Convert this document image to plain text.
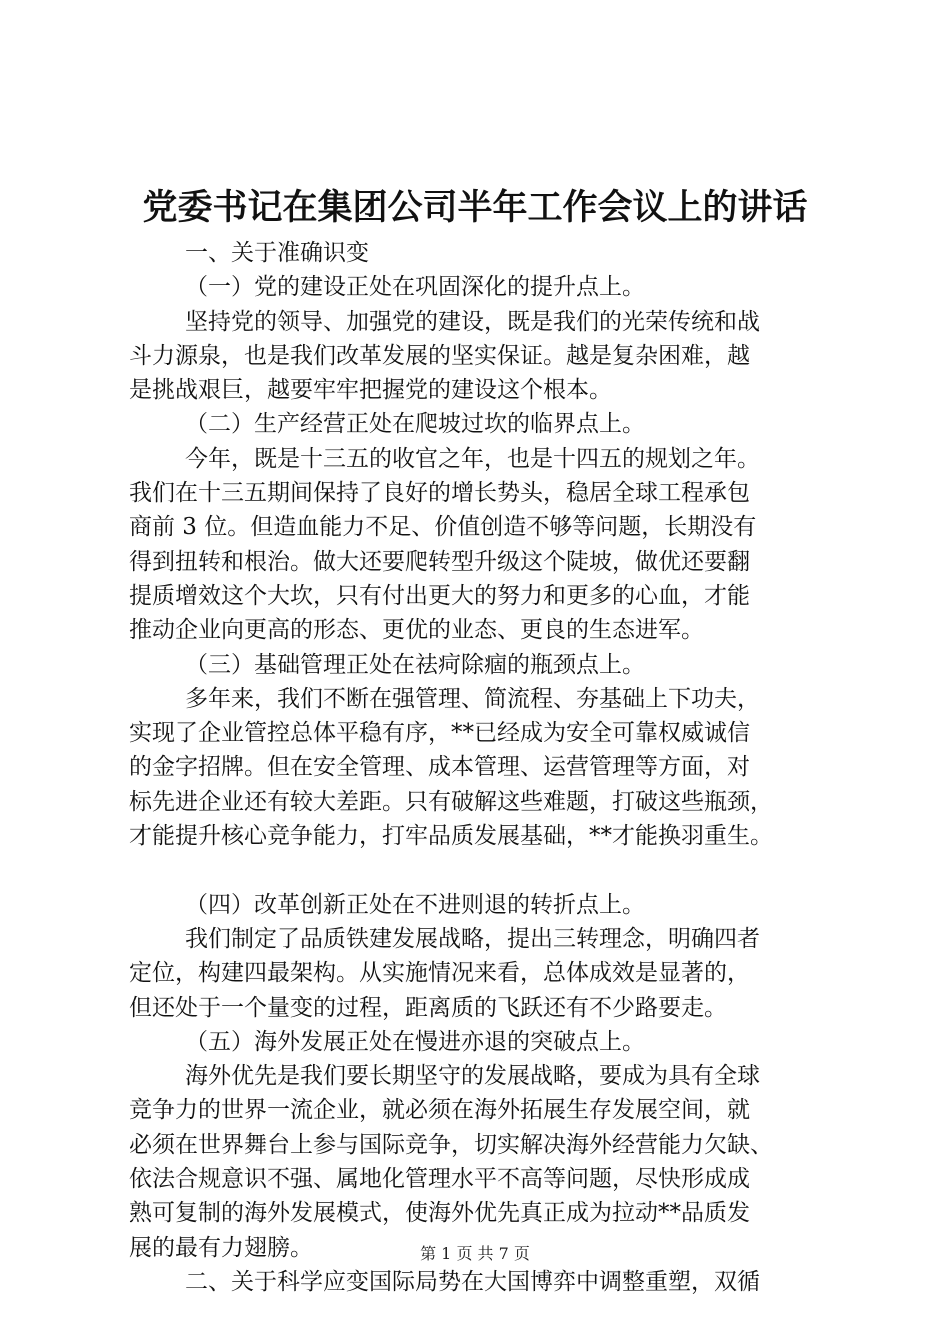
党委书记在集团公司半年工作会议上的讲话
一、关于准确识变
（一）党的建设正处在巩固深化的提升点上。
坚持党的领导、加强党的建设，既是我们的光荣传统和战
斗力源泉，也是我们改革发展的坚实保证。越是复杂困难，越
是挑战艰巨，越要牢牢把握党的建设这个根本。
（二）生产经营正处在爬坡过坎的临界点上。
今年，既是十三五的收官之年，也是十四五的规划之年。
我们在十三五期间保持了良好的增长势头，稳居全球工程承包
商前 3 位。但造血能力不足、价值创造不够等问题，长期没有
得到扭转和根治。做大还要爬转型升级这个陡坡，做优还要翻
提质增效这个大坎，只有付出更大的努力和更多的心血，才能
推动企业向更高的形态、更优的业态、更良的生态进军。
（三）基础管理正处在祛疴除痼的瓶颈点上。
多年来，我们不断在强管理、简流程、夯基础上下功夫，
实现了企业管控总体平稳有序，**已经成为安全可靠权威诚信
的金字招牌。但在安全管理、成本管理、运营管理等方面，对
标先进企业还有较大差距。只有破解这些难题，打破这些瓶颈，
才能提升核心竞争能力，打牢品质发展基础，**才能换羽重生。
（四）改革创新正处在不进则退的转折点上。
我们制定了品质铁建发展战略，提出三转理念，明确四者
定位，构建四最架构。从实施情况来看，总体成效是显著的，
但还处于一个量变的过程，距离质的飞跃还有不少路要走。
（五）海外发展正处在慢进亦退的突破点上。
海外优先是我们要长期坚守的发展战略，要成为具有全球
竞争力的世界一流企业，就必须在海外拓展生存发展空间，就
必须在世界舞台上参与国际竞争，切实解决海外经营能力欠缺、
依法合规意识不强、属地化管理水平不高等问题，尽快形成成
熟可复制的海外发展模式，使海外优先真正成为拉动**品质发
展的最有力翅膀。
二、关于科学应变国际局势在大国博弈中调整重塑，双循
第 1 页 共 7 页
